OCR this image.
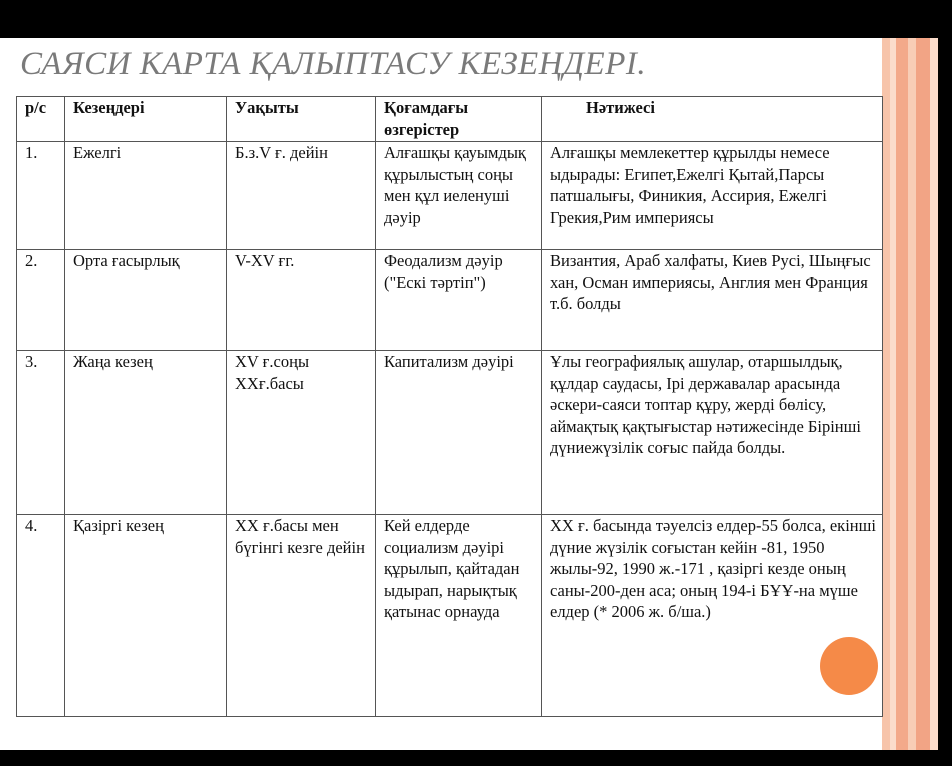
САЯСИ КАРТА ҚАЛЫПТАСУ КЕЗЕҢДЕРІ.
р/с	Кезеңдері	Уақыты	Қоғамдағы өзгерістер	Нәтижесі
1.	Ежелгі	Б.з.V ғ. дейін	Алғашқы қауымдық құрылыстың соңы мен құл иеленуші дәуір	Алғашқы мемлекеттер құрылды немесе ыдырады: Египет,Ежелгі Қытай,Парсы патшалығы, Финикия, Ассирия, Ежелгі Грекия,Рим империясы
2.	Орта ғасырлық	V-XV ғг.	Феодализм дәуір ("Ескі тәртіп")	Византия, Араб халфаты, Киев Русі, Шыңғыс хан, Осман империясы, Англия мен Франция т.б. болды
3.	Жаңа кезең	XV ғ.соңы XXғ.басы	Капитализм дәуірі	Ұлы географиялық ашулар, отаршылдық, құлдар саудасы, Ірі державалар арасында әскери-саяси топтар құру, жерді бөлісу, аймақтық қақтығыстар нәтижесінде Бірінші дүниежүзілік соғыс пайда болды.
4.	Қазіргі кезең	XX ғ.басы мен бүгінгі кезге дейін	Кей елдерде социализм дәуірі құрылып, қайтадан ыдырап, нарықтық қатынас орнауда	XX ғ. басында тәуелсіз елдер-55 болса, екінші дүние жүзілік соғыстан кейін -81, 1950 жылы-92, 1990 ж.-171 , қазіргі кезде оның саны-200-ден аса; оның 194-і БҰҰ-на мүше елдер (* 2006 ж. б/ша.)
